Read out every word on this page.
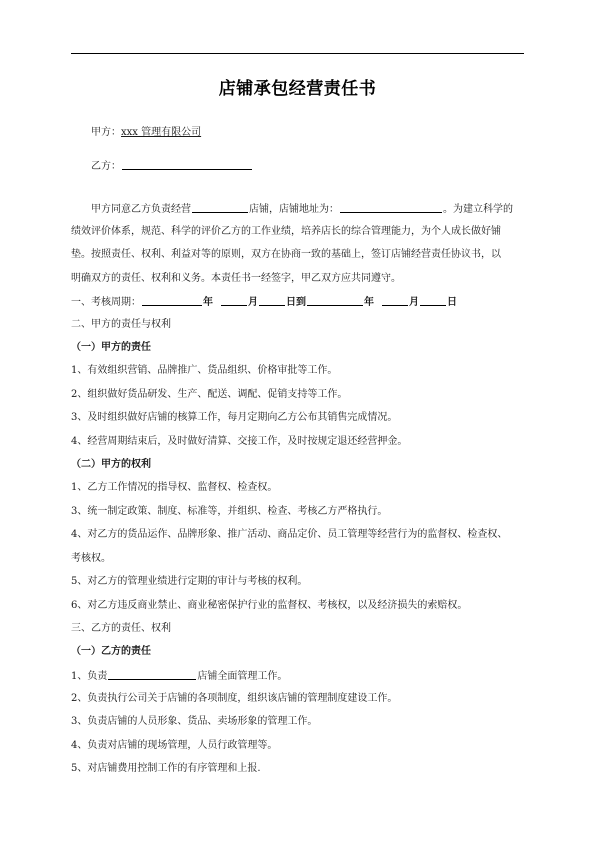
店铺承包经营责任书
甲方：xxx 管理有限公司
乙方：
甲方同意乙方负责经营	店铺，店铺地址为：	。为建立科学的
绩效评价体系，规范、科学的评价乙方的工作业绩，培养店长的综合管理能力，为个人成长做好铺
垫。按照责任、权利、利益对等的原则，双方在协商一致的基础上，签订店铺经营责任协议书，以
明确双方的责任、权利和义务。本责任书一经签字，甲乙双方应共同遵守。
一、考核周期：	年	月	日到	年	月	日
二、甲方的责任与权利
（一）甲方的责任
1、有效组织营销、品牌推广、货品组织、价格审批等工作。
2、组织做好货品研发、生产、配送、调配、促销支持等工作。
3、及时组织做好店铺的核算工作，每月定期向乙方公布其销售完成情况。
4、经营周期结束后，及时做好清算、交接工作，及时按规定退还经营押金。
（二）甲方的权利
1、乙方工作情况的指导权、监督权、检查权。
3、统一制定政策、制度、标准等，并组织、检查、考核乙方严格执行。
4、对乙方的货品运作、品牌形象、推广活动、商品定价、员工管理等经营行为的监督权、检查权、
考核权。
5、对乙方的管理业绩进行定期的审计与考核的权利。
6、对乙方违反商业禁止、商业秘密保护行业的监督权、考核权，以及经济损失的索赔权。
三、乙方的责任、权利
（一）乙方的责任
1、负责	店铺全面管理工作。
2、负责执行公司关于店铺的各项制度，组织该店铺的管理制度建设工作。
3、负责店铺的人员形象、货品、卖场形象的管理工作。
4、负责对店铺的现场管理，人员行政管理等。
5、对店铺费用控制工作的有序管理和上报.
